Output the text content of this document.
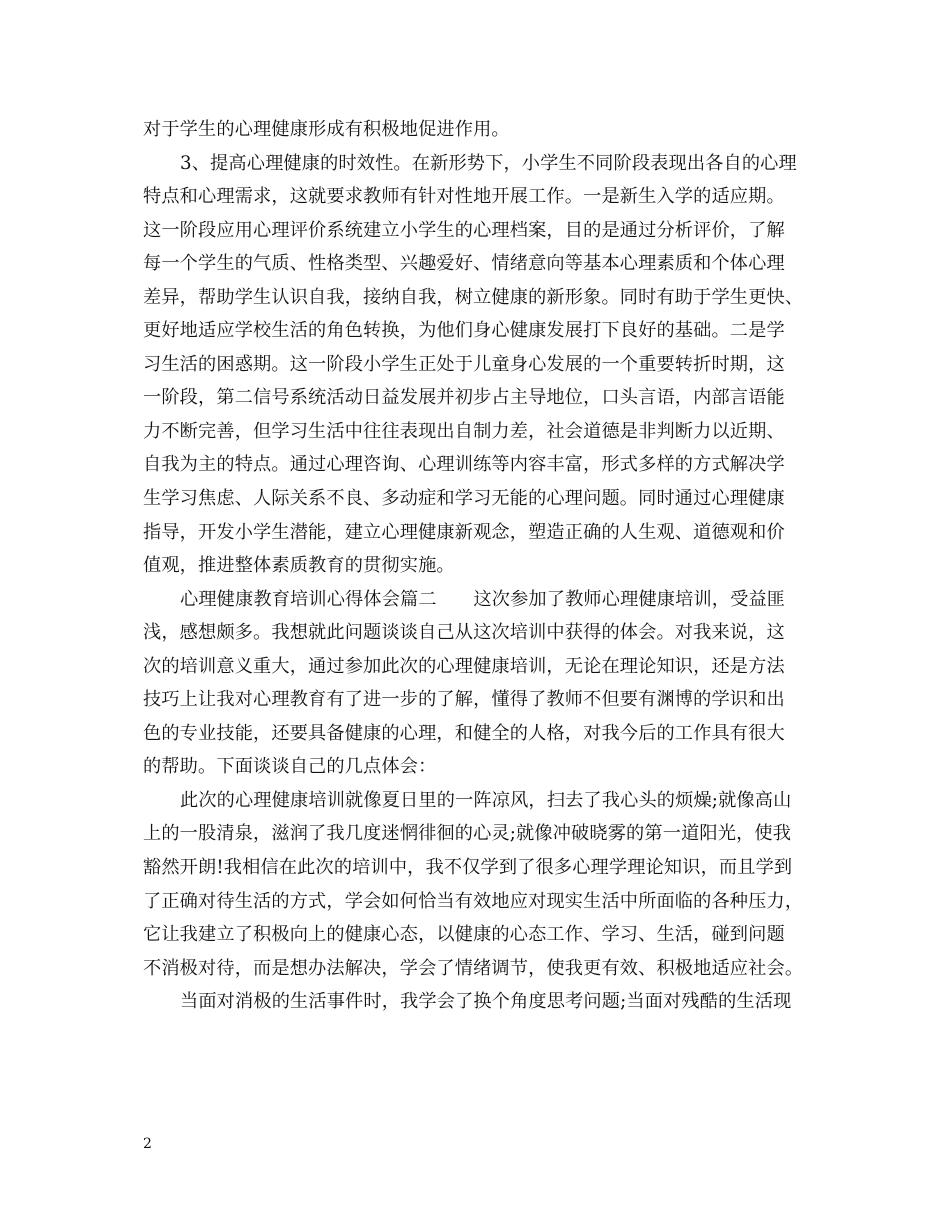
对于学生的心理健康形成有积极地促进作用。
3、提高心理健康的时效性。在新形势下，小学生不同阶段表现出各自的心理
特点和心理需求，这就要求教师有针对性地开展工作。一是新生入学的适应期。
这一阶段应用心理评价系统建立小学生的心理档案，目的是通过分析评价，了解
每一个学生的气质、性格类型、兴趣爱好、情绪意向等基本心理素质和个体心理
差异，帮助学生认识自我，接纳自我，树立健康的新形象。同时有助于学生更快、
更好地适应学校生活的角色转换，为他们身心健康发展打下良好的基础。二是学
习生活的困惑期。这一阶段小学生正处于儿童身心发展的一个重要转折时期，这
一阶段，第二信号系统活动日益发展并初步占主导地位，口头言语，内部言语能
力不断完善，但学习生活中往往表现出自制力差，社会道德是非判断力以近期、
自我为主的特点。通过心理咨询、心理训练等内容丰富，形式多样的方式解决学
生学习焦虑、人际关系不良、多动症和学习无能的心理问题。同时通过心理健康
指导，开发小学生潜能，建立心理健康新观念，塑造正确的人生观、道德观和价
值观，推进整体素质教育的贯彻实施。
心理健康教育培训心得体会篇二　　这次参加了教师心理健康培训，受益匪
浅，感想颇多。我想就此问题谈谈自己从这次培训中获得的体会。对我来说，这
次的培训意义重大，通过参加此次的心理健康培训，无论在理论知识，还是方法
技巧上让我对心理教育有了进一步的了解，懂得了教师不但要有渊博的学识和出
色的专业技能，还要具备健康的心理，和健全的人格，对我今后的工作具有很大
的帮助。下面谈谈自己的几点体会：
此次的心理健康培训就像夏日里的一阵凉风，扫去了我心头的烦燥;就像高山
上的一股清泉，滋润了我几度迷惘徘徊的心灵;就像冲破晓雾的第一道阳光，使我
豁然开朗!我相信在此次的培训中，我不仅学到了很多心理学理论知识，而且学到
了正确对待生活的方式，学会如何恰当有效地应对现实生活中所面临的各种压力，
它让我建立了积极向上的健康心态，以健康的心态工作、学习、生活，碰到问题
不消极对待，而是想办法解决，学会了情绪调节，使我更有效、积极地适应社会。
当面对消极的生活事件时，我学会了换个角度思考问题;当面对残酷的生活现
2
